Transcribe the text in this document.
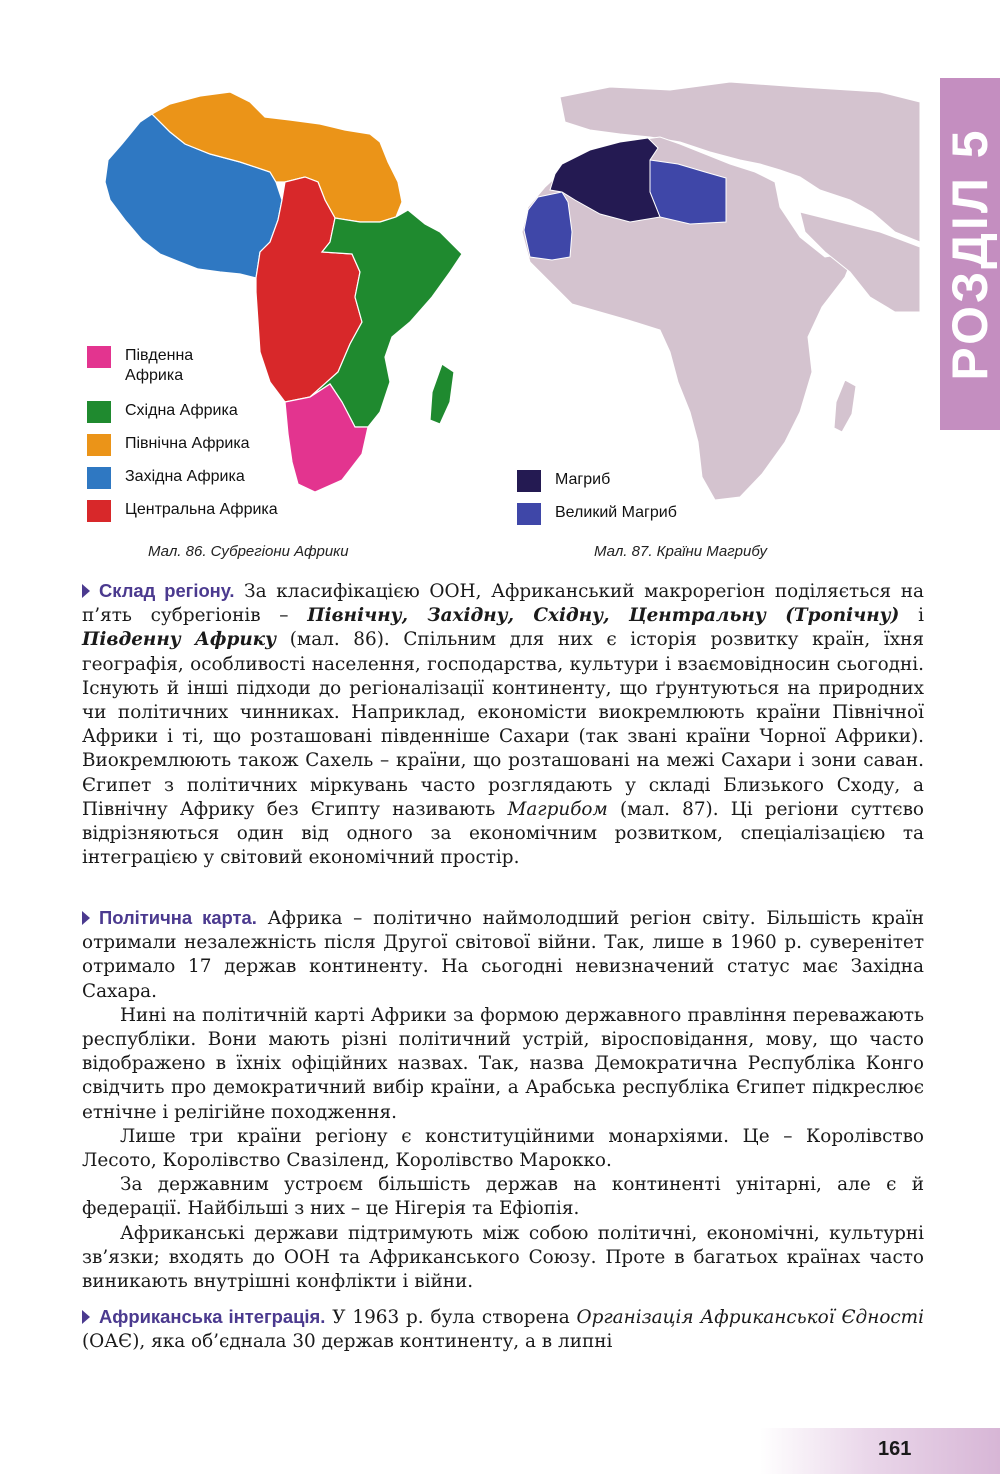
РОЗДІЛ 5
Південна
Африка
Східна Африка
Північна Африка
Західна Африка
Центральна Африка
Мал. 86. Субрегіони Африки
Магриб
Великий Магриб
Мал. 87. Країни Магрибу

Склад регіону. За класифікацією ООН, Африканський макрорегіон поділяється на п’ять субрегіонів – Північну, Західну, Східну, Центральну (Тропічну) і Південну Африку (мал. 86). Спільним для них є історія розвитку країн, їхня географія, особливості населення, господарства, культури і взаємовідносин сьогодні. Існують й інші підходи до регіоналізації континенту, що ґрунтуються на природних чи політичних чинниках. Наприклад, економісти виокремлюють країни Північної Африки і ті, що розташовані південніше Сахари (так звані країни Чорної Африки). Виокремлюють також Сахель – країни, що розташовані на межі Сахари і зони саван. Єгипет з політичних міркувань часто розглядають у складі Близького Сходу, а Північну Африку без Єгипту називають Магрибом (мал. 87). Ці регіони суттєво відрізняються один від одного за економічним розвитком, спеціалізацією та інтеграцією у світовий економічний простір.

Політична карта. Африка – політично наймолодший регіон світу. Більшість країн отримали незалежність після Другої світової війни. Так, лише в 1960 р. суверенітет отримало 17 держав континенту. На сьогодні невизначений статус має Західна Сахара.

Нині на політичній карті Африки за формою державного правління переважають республіки. Вони мають різні політичний устрій, віросповідання, мову, що часто відображено в їхніх офіційних назвах. Так, назва Демократична Республіка Конго свідчить про демократичний вибір країни, а Арабська республіка Єгипет підкреслює етнічне і релігійне походження.

Лише три країни регіону є конституційними монархіями. Це – Королівство Лесото, Королівство Свазіленд, Королівство Марокко.

За державним устроєм більшість держав на континенті унітарні, але є й федерації. Найбільші з них – це Нігерія та Ефіопія.

Африканські держави підтримують між собою політичні, економічні, культурні зв’язки; входять до ООН та Африканського Союзу. Проте в багатьох країнах часто виникають внутрішні конфлікти і війни.

Африканська інтеграція. У 1963 р. була створена Організація Африканської Єдності (ОАЄ), яка об’єднала 30 держав континенту, а в липні

161
